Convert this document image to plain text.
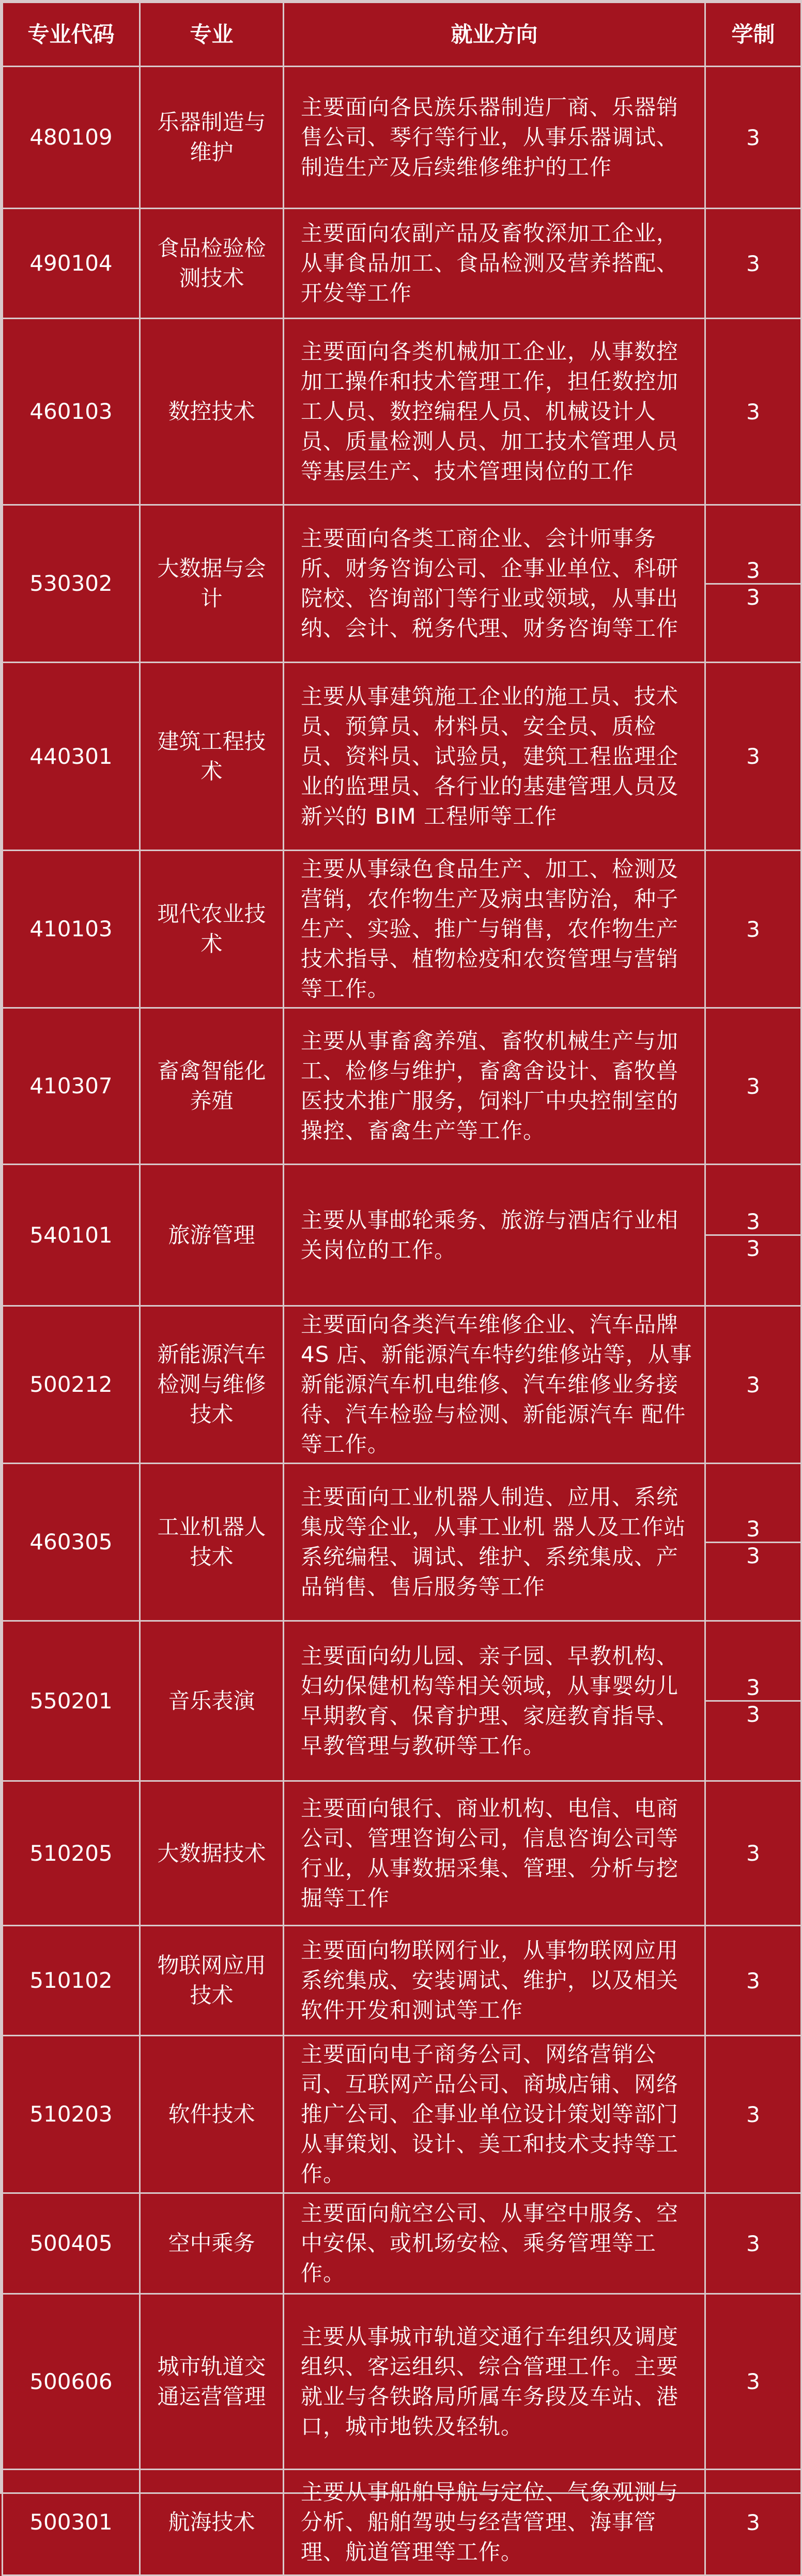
专业代码	专业	就业方向	学制
480109	乐器制造与维护	主要面向各民族乐器制造厂商、乐器销售公司、琴行等行业，从事乐器调试、制造生产及后续维修维护的工作	3

490104	食品检验检测技术	主要面向农副产品及畜牧深加工企业，从事食品加工、食品检测及营养搭配、开发等工作	3

460103	数控技术	主要面向各类机械加工企业，从事数控加工操作和技术管理工作，担任数控加工人员、数控编程人员、机械设计人员、质量检测人员、加工技术管理人员等基层生产、技术管理岗位的工作	3

530302	大数据与会计	主要面向各类工商企业、会计师事务所、财务咨询公司、企事业单位、科研院校、咨询部门等行业或领域，从事出纳、会计、税务代理、财务咨询等工作	3
3

440301	建筑工程技术	主要从事建筑施工企业的施工员、技术员、预算员、材料员、安全员、质检员、资料员、试验员，建筑工程监理企业的监理员、各行业的基建管理人员及新兴的 BIM 工程师等工作	3

410103	现代农业技术	主要从事绿色食品生产、加工、检测及营销，农作物生产及病虫害防治，种子生产、实验、推广与销售，农作物生产技术指导、植物检疫和农资管理与营销等工作。	3

410307	畜禽智能化养殖	主要从事畜禽养殖、畜牧机械生产与加工、检修与维护，畜禽舍设计、畜牧兽医技术推广服务，饲料厂中央控制室的操控、畜禽生产等工作。	3

540101	旅游管理	主要从事邮轮乘务、旅游与酒店行业相关岗位的工作。	3
3

500212	新能源汽车检测与维修技术	主要面向各类汽车维修企业、汽车品牌 4S 店、新能源汽车特约维修站等，从事新能源汽车机电维修、汽车维修业务接待、汽车检验与检测、新能源汽车 配件等工作。	3

460305	工业机器人技术	主要面向工业机器人制造、应用、系统集成等企业，从事工业机 器人及工作站系统编程、调试、维护、系统集成、产品销售、售后服务等工作	3
3

550201	音乐表演	主要面向幼儿园、亲子园、早教机构、妇幼保健机构等相关领域，从事婴幼儿早期教育、保育护理、家庭教育指导、早教管理与教研等工作。	3
3

510205	大数据技术	主要面向银行、商业机构、电信、电商公司、管理咨询公司，信息咨询公司等行业，从事数据采集、管理、分析与挖掘等工作	3

510102	物联网应用技术	主要面向物联网行业，从事物联网应用系统集成、安装调试、维护，以及相关软件开发和测试等工作	3

510203	软件技术	主要面向电子商务公司、网络营销公司、互联网产品公司、商城店铺、网络推广公司、企事业单位设计策划等部门从事策划、设计、美工和技术支持等工作。	3

500405	空中乘务	主要面向航空公司、从事空中服务、空中安保、或机场安检、乘务管理等工作。	3

500606	城市轨道交通运营管理	主要从事城市轨道交通行车组织及调度组织、客运组织、综合管理工作。主要就业与各铁路局所属车务段及车站、港口，城市地铁及轻轨。	3

500301	航海技术	主要从事船舶导航与定位、气象观测与分析、船舶驾驶与经营管理、海事管理、航道管理等工作。	3
